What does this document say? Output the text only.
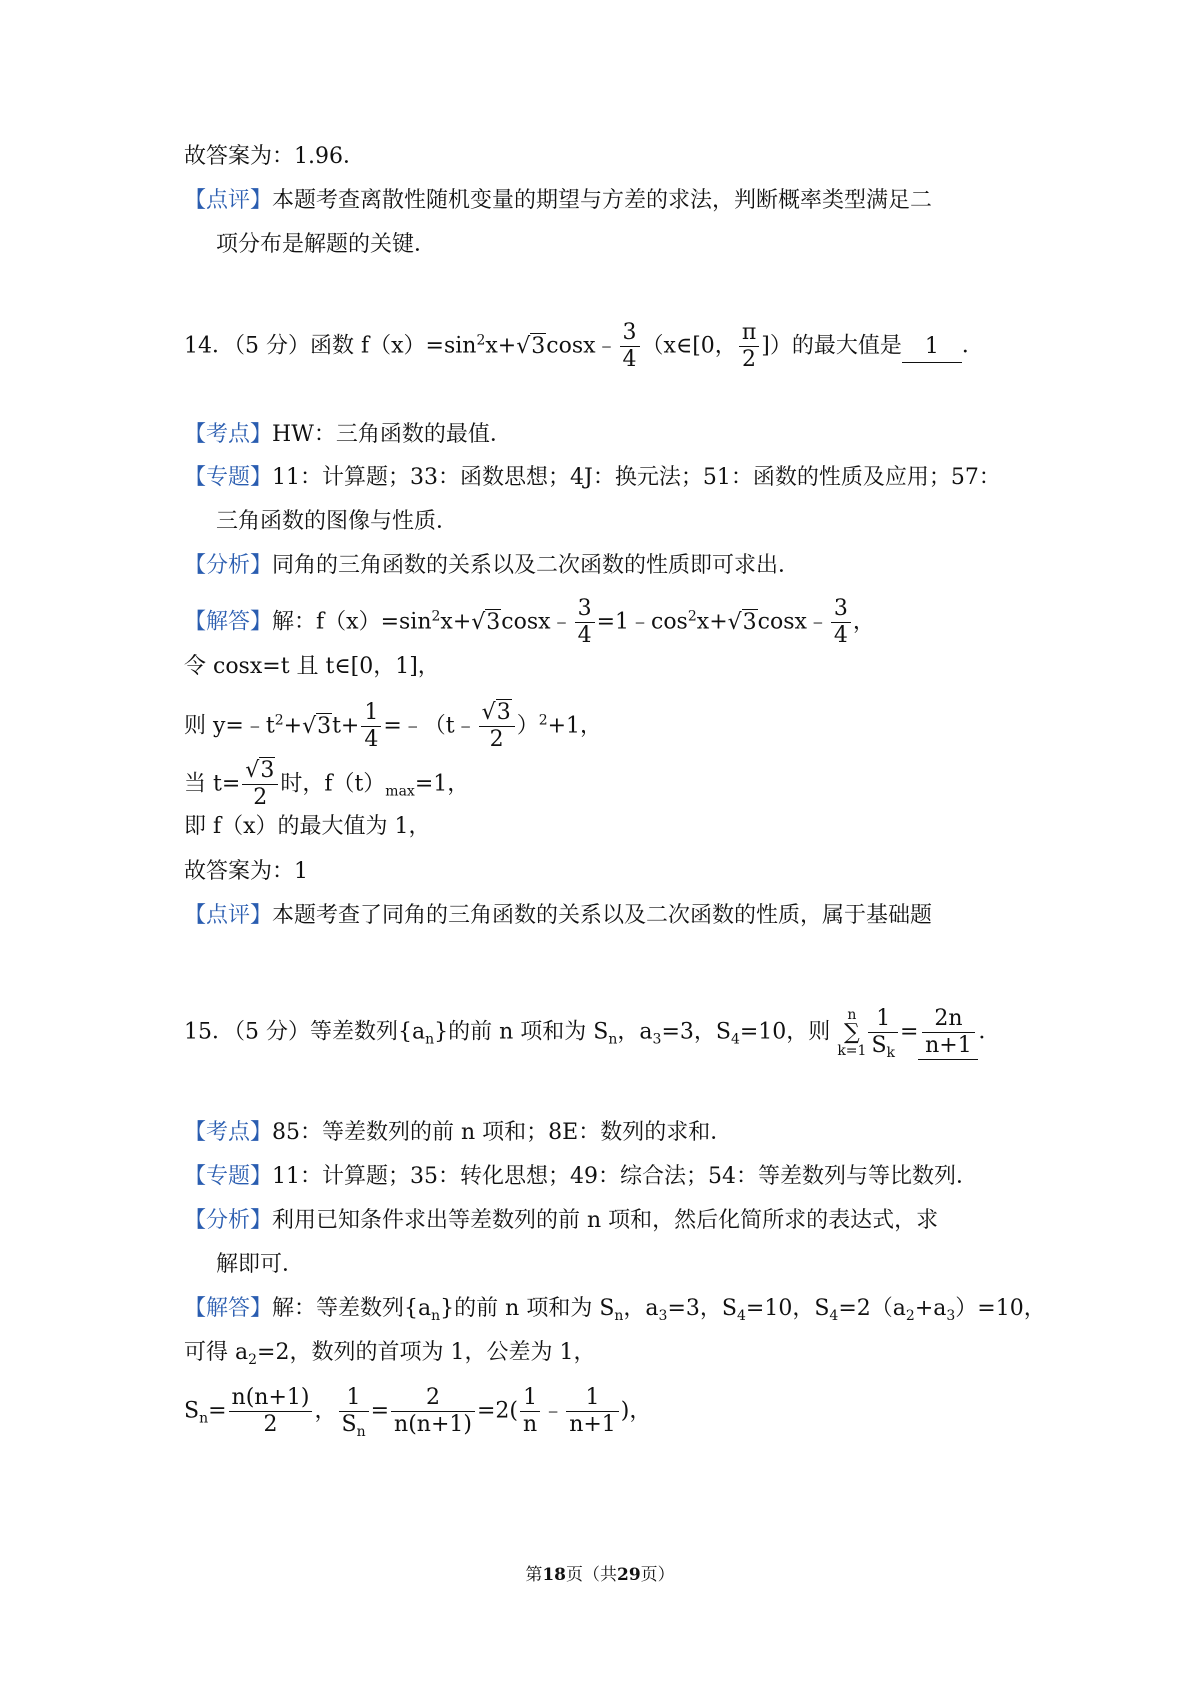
故答案为：1.96．
【点评】本题考查离散性随机变量的期望与方差的求法，判断概率类型满足二
项分布是解题的关键．
14．（5 分）函数 $f(x)=\sin^2x+√3\cos x﹣ \frac{3}{4}$ （x∈[0， $\frac{\pi}{2}$ ]）的最大值是 1 ．
【考点】HW：三角函数的最值．
【专题】11：计算题；33：函数思想；4J：换元法；51：函数的性质及应用；57：
三角函数的图像与性质．
【分析】同角的三角函数的关系以及二次函数的性质即可求出．
【解答】解：$f(x)=\sin^2x+√3\cos x﹣ \frac{3}{4}$ $=1﹣\cos^2x+√3\cos x﹣ \frac{3}{4}$ ，
令 cosx=t 且 t∈[0，1]，
则 $y=﹣t^2+√3t+ \frac{1}{4}$ =﹣（t﹣ $\frac{√3}{2} )^2+1$，
当 $t= \frac{√3}{2}$ 时，$f(t)_{max}=1$，
即 f（x）的最大值为 1，
故答案为：1
【点评】本题考查了同角的三角函数的关系以及二次函数的性质，属于基础题
15．（5 分）等差数列$\{a_n\}$的前 n 项和为 $S_n$，$a_3=3$，$S_4=10$，则 n
∑
$k=1 \frac{1}{S_k} = \frac{2n}{n+1}$ ．
【考点】85：等差数列的前 n 项和；8E：数列的求和．
【专题】11：计算题；35：转化思想；49：综合法；54：等差数列与等比数列．
【分析】利用已知条件求出等差数列的前 n 项和，然后化简所求的表达式，求
解即可．
【解答】解：等差数列$\{a_n\}$的前 n 项和为 $S_n$，$a_3=3$，$S_4=10$，$S_4=2(a_2+a_3)=10$，
可得 $a_2=2$，数列的首项为 1，公差为 1，
$S_n= \frac{n(n+1)}{2}$ ， $\frac{1}{S_n} = \frac{2}{n(n+1)} =2( \frac{1}{n}$ ﹣ $\frac{1}{n+1}$ )，
第18页（共29页）
